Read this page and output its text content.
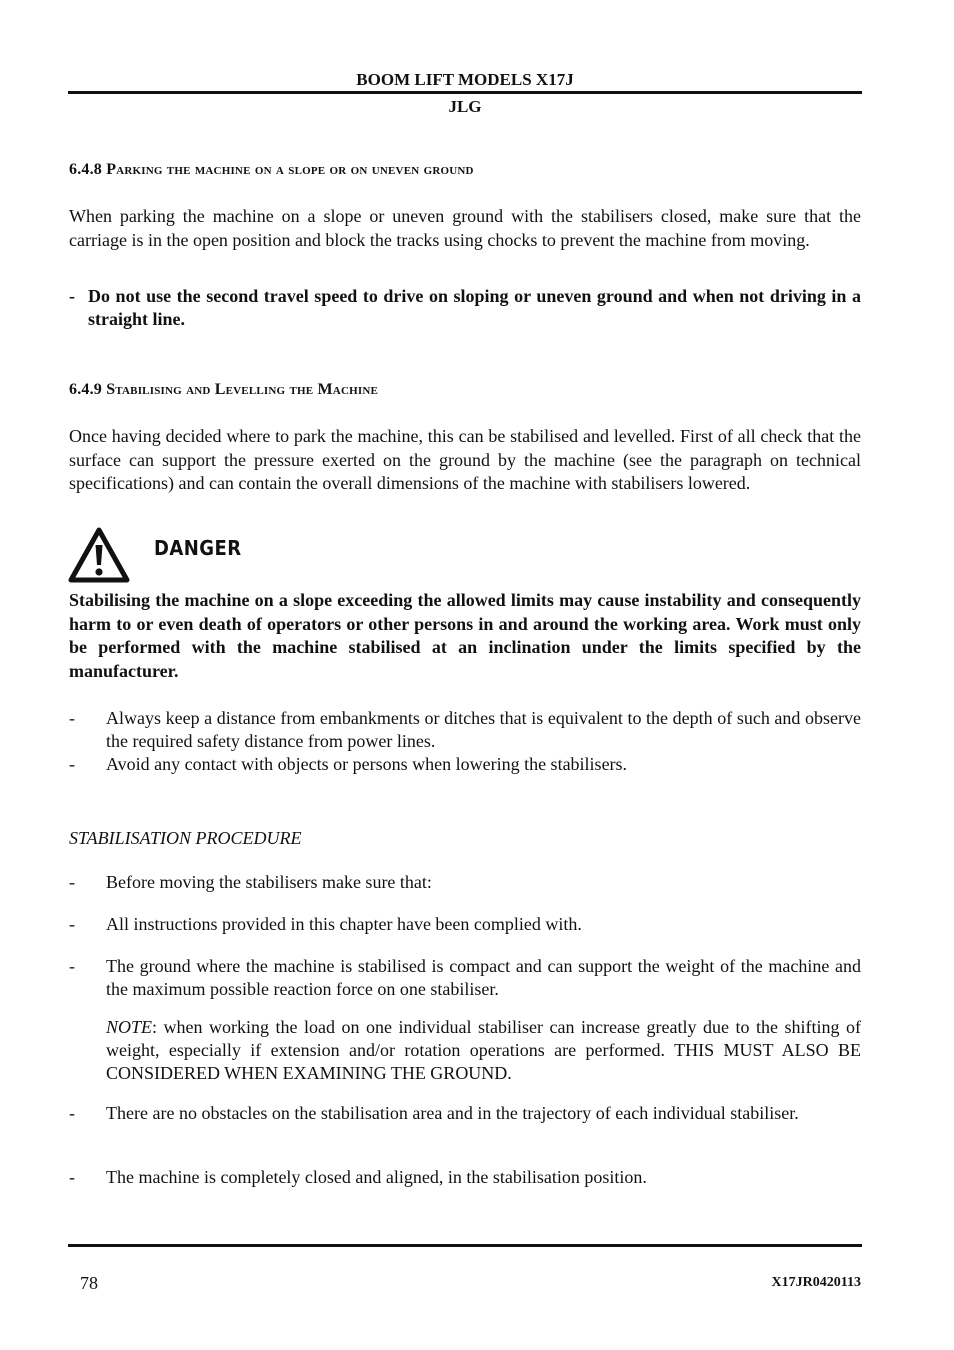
BOOM LIFT MODELS X17J
JLG
6.4.8 Parking the machine on a slope or on uneven ground
When parking the machine on a slope or uneven ground with the stabilisers closed, make sure that the carriage is in the open position and block the tracks using chocks to prevent the machine from moving.
- Do not use the second travel speed to drive on sloping or uneven ground and when not driving in a straight line.
6.4.9 Stabilising and Levelling the Machine
Once having decided where to park the machine, this can be stabilised and levelled. First of all check that the surface can support the pressure exerted on the ground by the machine (see the paragraph on technical specifications) and can contain the overall dimensions of the machine with stabilisers lowered.
DANGER
Stabilising the machine on a slope exceeding the allowed limits may cause instability and consequently harm to or even death of operators or other persons in and around the working area. Work must only be performed with the machine stabilised at an inclination under the limits specified by the manufacturer.
- Always keep a distance from embankments or ditches that is equivalent to the depth of such and observe the required safety distance from power lines.
- Avoid any contact with objects or persons when lowering the stabilisers.
STABILISATION PROCEDURE
- Before moving the stabilisers make sure that:
- All instructions provided in this chapter have been complied with.
- The ground where the machine is stabilised is compact and can support the weight of the machine and the maximum possible reaction force on one stabiliser.
NOTE: when working the load on one individual stabiliser can increase greatly due to the shifting of weight, especially if extension and/or rotation operations are performed. THIS MUST ALSO BE CONSIDERED WHEN EXAMINING THE GROUND.
- There are no obstacles on the stabilisation area and in the trajectory of each individual stabiliser.
- The machine is completely closed and aligned, in the stabilisation position.
78	X17JR0420113
